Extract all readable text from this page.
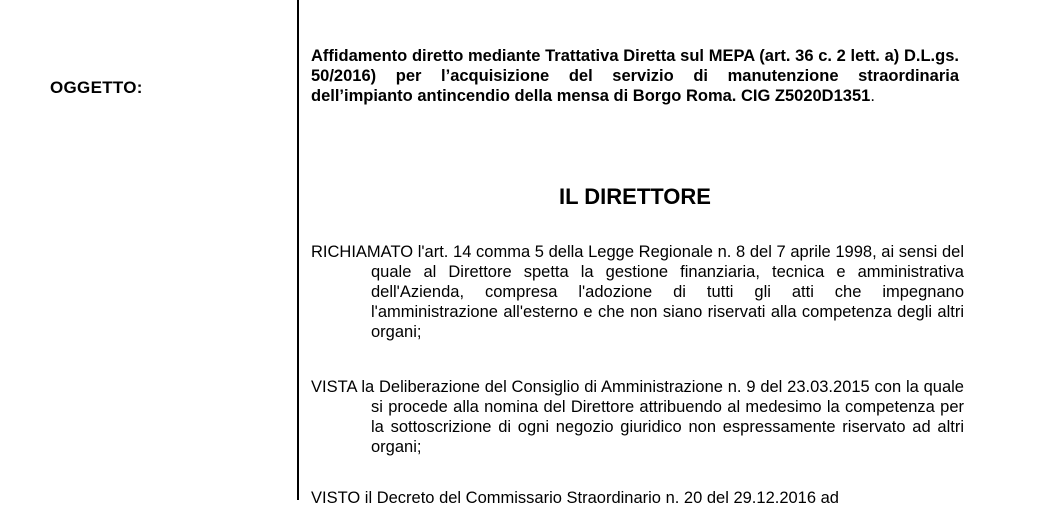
OGGETTO:
Affidamento diretto mediante Trattativa Diretta sul MEPA (art. 36 c. 2 lett. a) D.L.gs. 50/2016) per l’acquisizione del servizio di manutenzione straordinaria dell’impianto antincendio della mensa di Borgo Roma. CIG Z5020D1351.
IL DIRETTORE
RICHIAMATO l'art. 14 comma 5 della Legge Regionale n. 8 del 7 aprile 1998, ai sensi del quale al Direttore spetta la gestione finanziaria, tecnica e amministrativa dell'Azienda, compresa l'adozione di tutti gli atti che impegnano l'amministrazione all'esterno e che non siano riservati alla competenza degli altri organi;
VISTA la Deliberazione del Consiglio di Amministrazione n. 9 del 23.03.2015 con la quale si procede alla nomina del Direttore attribuendo al medesimo la competenza per la sottoscrizione di ogni negozio giuridico non espressamente riservato ad altri organi;
VISTO il Decreto del Commissario Straordinario n. 20 del 29.12.2016 ad
